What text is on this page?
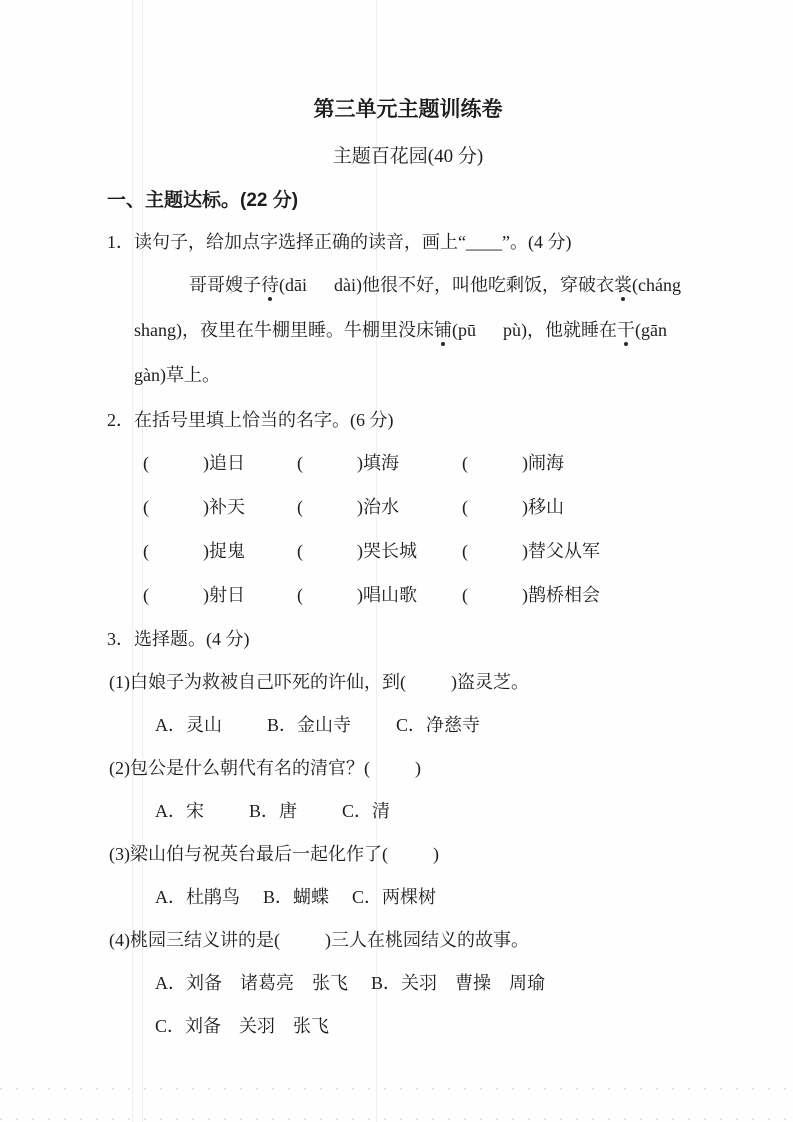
第三单元主题训练卷
主题百花园(40 分)
一、主题达标。(22 分)
1．读句子，给加点字选择正确的读音，画上“____”。(4 分)
哥哥嫂子待(dāi  dài)他很不好，叫他吃剩饭，穿破衣裳(cháng
shang)，夜里在牛棚里睡。牛棚里没床铺(pū  pù)，他就睡在干(gān
gàn)草上。
2．在括号里填上恰当的名字。(6 分)
(　　　)追日	(　　　)填海	(　　　)闹海
(　　　)补天	(　　　)治水	(　　　)移山
(　　　)捉鬼	(　　　)哭长城	(　　　)替父从军
(　　　)射日	(　　　)唱山歌	(　　　)鹊桥相会
3．选择题。(4 分)
(1)白娘子为救被自己吓死的许仙，到(　　 )盗灵芝。
A．灵山	B．金山寺	C．净慈寺
(2)包公是什么朝代有名的清官？(　　 )
A．宋	B．唐	C．清
(3)梁山伯与祝英台最后一起化作了(　　 )
A．杜鹃鸟 B．蝴蝶 C．两棵树
(4)桃园三结义讲的是(　　 )三人在桃园结义的故事。
A．刘备　诸葛亮　张飞 B．关羽　曹操　周瑜
C．刘备　关羽　张飞
